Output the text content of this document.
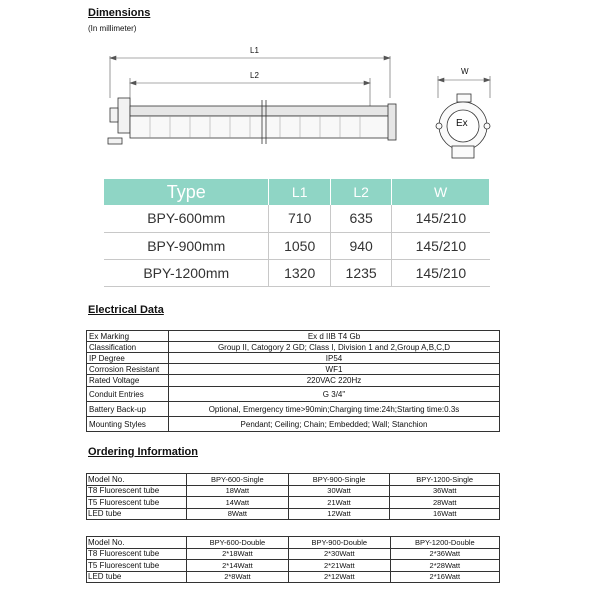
Dimensions
(In millimeter)
L1
L2	W
Ex
Type	L1	L2	W
BPY-600mm	710	635	145/210
BPY-900mm	1050	940	145/210
BPY-1200mm	1320	1235	145/210
Electrical Data
Ex Marking	Ex d IIB T4 Gb
Classification	Group II, Catogory 2 GD; Class I, Division 1 and 2,Group A,B,C,D
IP Degree	IP54
Corrosion Resistant	WF1
Rated Voltage	220VAC 220Hz
Conduit Entries	G 3/4"
Battery Back-up	Optional, Emergency time>90min;Charging time:24h;Starting time:0.3s
Mounting Styles	Pendant; Ceiling; Chain; Embedded; Wall; Stanchion
Ordering Information
Model No.	BPY-600-Single	BPY-900-Single	BPY-1200-Single
T8 Fluorescent tube	18Watt	30Watt	36Watt
T5 Fluorescent tube	14Watt	21Watt	28Watt
LED tube	8Watt	12Watt	16Watt
Model No.	BPY-600-Double	BPY-900-Double	BPY-1200-Double
T8 Fluorescent tube	2*18Watt	2*30Watt	2*36Watt
T5 Fluorescent tube	2*14Watt	2*21Watt	2*28Watt
LED tube	2*8Watt	2*12Watt	2*16Watt
